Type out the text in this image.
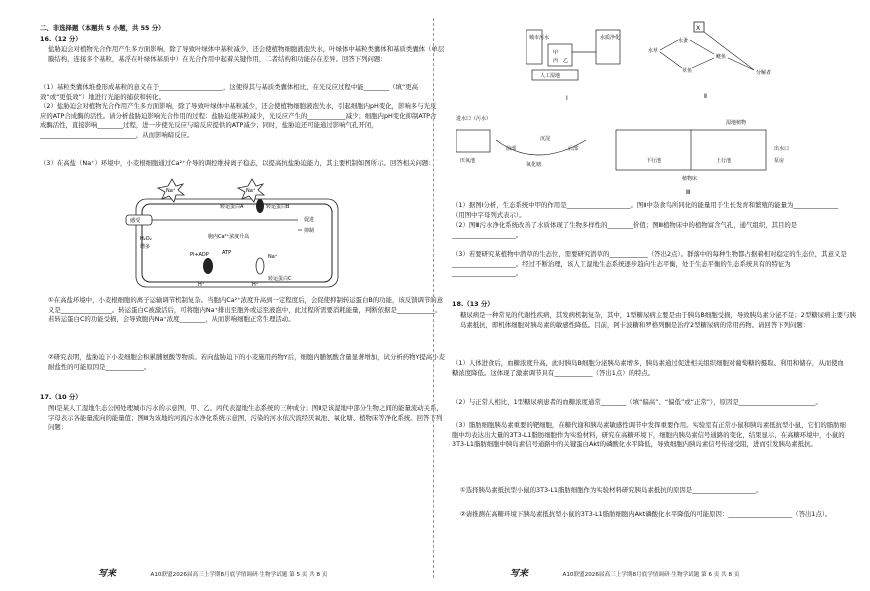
二、非选择题（本题共 5 小题，共 55 分）
16.（12 分）
盐胁迫会对植物光合作用产生多方面影响，除了导致叶绿体中基粒减少，还会使植物细胞液泡失水，叶绿体中基粒类囊体和基质类囊体（单层膜结构，连接多个基粒，基浮在叶绿体基质中）在光合作用中起着关键作用，二者结构和功能存在差异。回答下列问题：
（1）基粒类囊体堆叠形成基粒的意义在于____________________，这使得其与基质类囊体相比，在光反应过程中能________（填“更高效”或“更低效”）地进行光能的捕获和转化。
（2）盐胁迫会对植物光合作用产生多方面影响，除了导致叶绿体中基粒减少，还会使植物细胞液泡失水，引起细胞内pH变化，影响多与光反应的ATP合成酶的活性。请分析盐胁迫影响光合作用的过程：盐胁迫使基粒减少，光反应产生的____________减少；细胞内pH变化抑制ATP合成酶活性，直接影响________过程，进一步使光反应与暗反应提供的ATP减少；同时，盐胁迫还可能通过影响气孔开闭，______________________________，从而影响暗反应。
（3）在高盐（Na⁺）环境中，小麦根细胞通过Ca²⁺介导的调控维持离子稳态，以提高抗盐胁迫能力，其主要机制如图所示。回答相关问题：
Na⁺	Na⁺
转运蛋白A	转运蛋白B
感受	促进
抑制
胞内Ca²⁺浓度升高
H₂O₂
增多
Pi+ADP	ATP
Na⁺
转运蛋白C
H⁺	H⁺
①在高盐环境中，小麦根细胞的离子运输调节机制复杂。当胞内Ca²⁺浓度升高到一定程度后，会促使抑制转运蛋白B的功能，该反馈调节的意义是________________。转运蛋白C被激活后，可将胞内Na⁺排出至胞外或运至液泡中，此过程所需要消耗能量，判断依据是____________。若转运蛋白C的功能受损，会导致胞内Na⁺浓度________，从而影响细胞正常生理活动。
②研究表明，盐胁迫下小麦细胞会积累脯氨酸等物质。若向盐胁迫下的小麦施用药物Y后，细胞内脯氨酸含量显著增加，试分析药物Y提高小麦耐盐性的可能原因是____________。
17.（10 分）
图Ⅰ是某人工湿地生态公园处理城市污水的示意图，甲、乙、丙代表湿地生态系统的三种成分；图Ⅱ是该湿地中部分生物之间的能量流动关系，字母表示各能量流向的能量值；图Ⅲ为该地的河流污水净化系统示意图，污染的河水依次流经厌氧池、氧化塘、植物床等净化系统。回答下列问题：
写来	A10联盟2026届高三上学期8月底学情调研·生物学试题 第 5 页 共 8 页
城市污水
甲
乙
丙
人工湿地
水质净化
Ⅰ
X
水草
草鱼
水蚤
鲢鱼
分解者
Ⅱ
进水口（污水）
厌氧池
氧化塘
前部	后部
沉淀
湿地植物
下行池	上行池
出水口
泵房
植物床
Ⅲ
（1）据图Ⅰ分析，生态系统中甲的作用是____________________。图Ⅱ中杂食鸟所同化的能量用于生长发育和繁殖的能量为______________（用图中字母列式表示）。
（2）图Ⅲ污水净化系统改善了水质体现了生物多样性的________价值；图Ⅲ植物床中的植物富含气孔，通气组织，其目的是____________________。
（3）若要研究某植物中潜草的生态位，需要研究潜草的____________（答出2点）。群落中的每种生物都占据着相对稳定的生态位，其意义是____________________。经过不断治理，该人工湿地生态系统逐步趋向生态平衡，处于生态平衡的生态系统具有的特征为____________________。
18.（13 分）
糖尿病是一种常见的代谢性疾病，其发病机制复杂，其中，1型糖尿病主要是由于胰岛B细胞受损，导致胰岛素分泌不足；2型糖尿病主要与胰岛素抵抗，即机体细胞对胰岛素的敏感性降低。目前，阿卡波糖和罗格列酮是治疗2型糖尿病的常用药物。请回答下列问题：
（1）人体进食后，血糖浓度升高，此时胰岛B细胞分泌胰岛素增多，胰岛素通过促进相关组织细胞对葡萄糖的摄取、利用和储存，从而使血糖浓度降低。这体现了激素调节具有____________（答出1点）的特点。
（2）与正常人相比，1型糖尿病患者的血糖浓度通常________（填“偏高”、“偏低”或“正常”），原因是________________________。
（3）脂肪细胞胰岛素重要的靶细胞，在糖代谢和胰岛素敏感性调节中发挥重要作用。实验室有正常小鼠和胰岛素抵抗型小鼠，它们的脂肪细胞中均表达出大量的3T3-L1脂肪细胞作为实验材料，研究在高糖环境下，细胞内胰岛素信号通路的变化，结果显示，在高糖环境中，小鼠的3T3-L1脂肪细胞中胰岛素信号通路中的关键蛋白Akt的磷酸化水平降低，导致细胞内胰岛素信号传递受阻，进而引发胰岛素抵抗。
①选择胰岛素抵抗型小鼠的3T3-L1脂肪细胞作为实验材料研究胰岛素抵抗的原因是____________________。
②请推测在高糖环境下胰岛素抵抗型小鼠的3T3-L1脂肪细胞内Akt磷酸化水平降低的可能原因：____________________（答出1点）。
写来	A10联盟2026届高三上学期8月底学情调研·生物学试题 第 6 页 共 8 页
